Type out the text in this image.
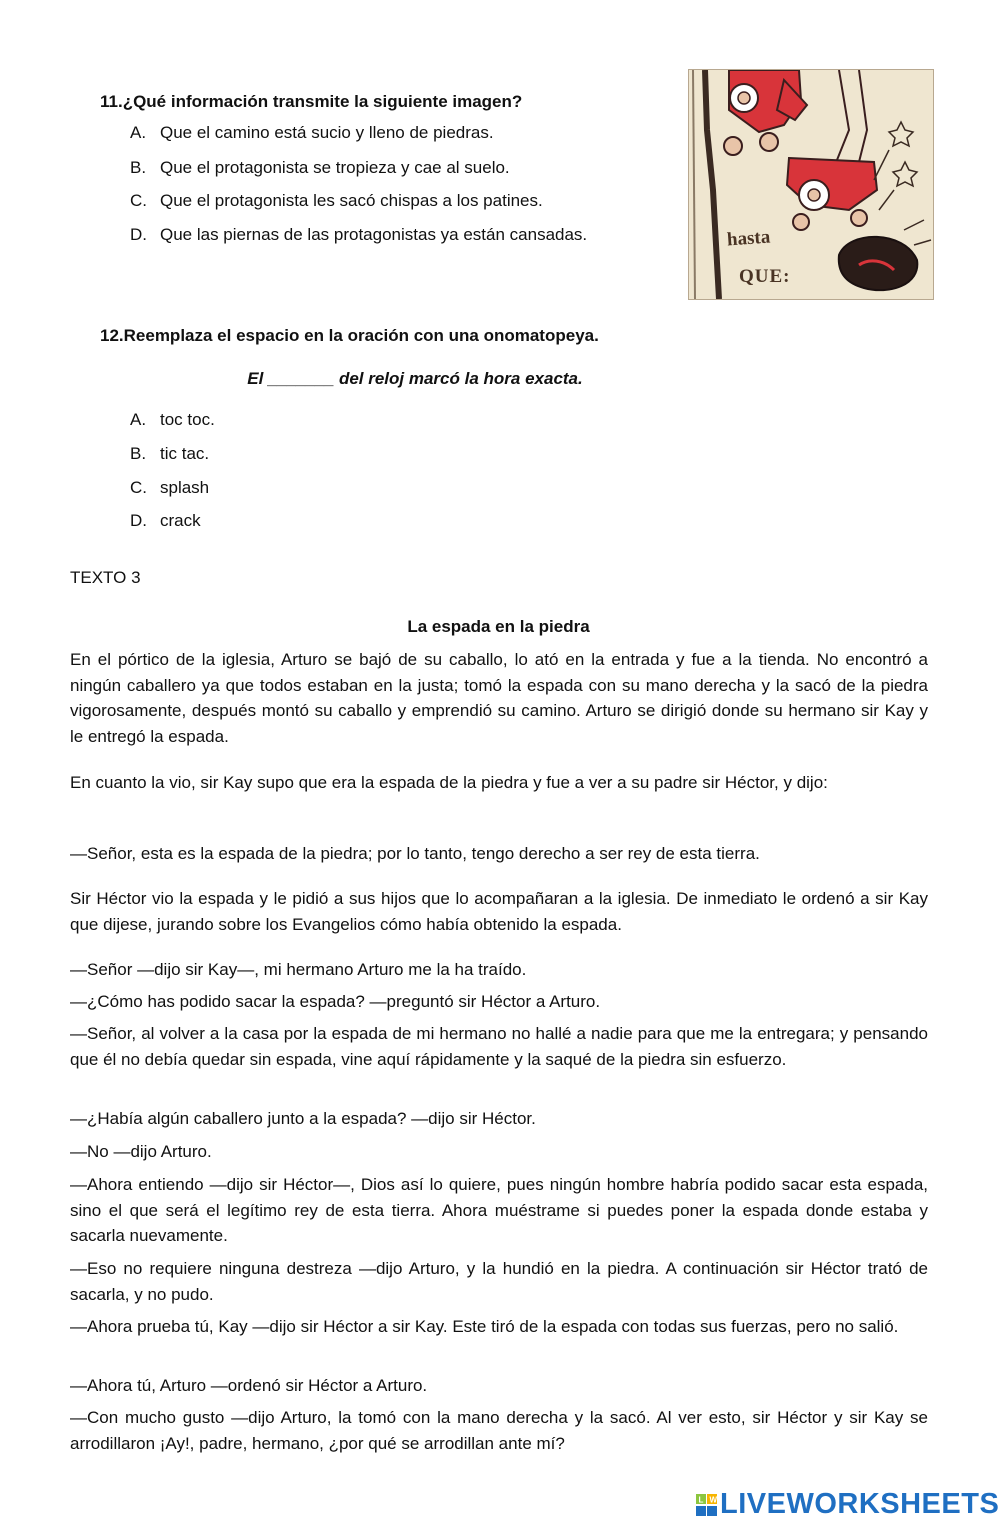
11.¿Qué información transmite la siguiente imagen?
A. Que el camino está sucio y lleno de piedras.
B. Que el protagonista se tropieza y cae al suelo.
C. Que el protagonista les sacó chispas a los patines.
D. Que las piernas de las protagonistas ya están cansadas.	hasta
QUE:
12.Reemplaza el espacio en la oración con una onomatopeya.
El _______ del reloj marcó la hora exacta.
A. toc toc.
B. tic tac.
C. splash
D. crack
TEXTO 3
La espada en la piedra
En el pórtico de la iglesia, Arturo se bajó de su caballo, lo ató en la entrada y fue a la tienda. No encontró a ningún caballero ya que todos estaban en la justa; tomó la espada con su mano derecha y la sacó de la piedra vigorosamente, después montó su caballo y emprendió su camino. Arturo se dirigió donde su hermano sir Kay y le entregó la espada.
En cuanto la vio, sir Kay supo que era la espada de la piedra y fue a ver a su padre sir Héctor, y dijo:
—Señor, esta es la espada de la piedra; por lo tanto, tengo derecho a ser rey de esta tierra.
Sir Héctor vio la espada y le pidió a sus hijos que lo acompañaran a la iglesia. De inmediato le ordenó a sir Kay que dijese, jurando sobre los Evangelios cómo había obtenido la espada.
—Señor —dijo sir Kay—, mi hermano Arturo me la ha traído.
—¿Cómo has podido sacar la espada? —preguntó sir Héctor a Arturo.
—Señor, al volver a la casa por la espada de mi hermano no hallé a nadie para que me la entregara; y pensando que él no debía quedar sin espada, vine aquí rápidamente y la saqué de la piedra sin esfuerzo.
—¿Había algún caballero junto a la espada? —dijo sir Héctor.
—No —dijo Arturo.
—Ahora entiendo —dijo sir Héctor—, Dios así lo quiere, pues ningún hombre habría podido sacar esta espada, sino el que será el legítimo rey de esta tierra. Ahora muéstrame si puedes poner la espada donde estaba y sacarla nuevamente.
—Eso no requiere ninguna destreza —dijo Arturo, y la hundió en la piedra. A continuación sir Héctor trató de sacarla, y no pudo.
—Ahora prueba tú, Kay —dijo sir Héctor a sir Kay. Este tiró de la espada con todas sus fuerzas, pero no salió.
—Ahora tú, Arturo —ordenó sir Héctor a Arturo.
—Con mucho gusto —dijo Arturo, la tomó con la mano derecha y la sacó. Al ver esto, sir Héctor y sir Kay se arrodillaron ¡Ay!, padre, hermano, ¿por qué se arrodillan ante mí?
L W LIVEWORKSHEETS
